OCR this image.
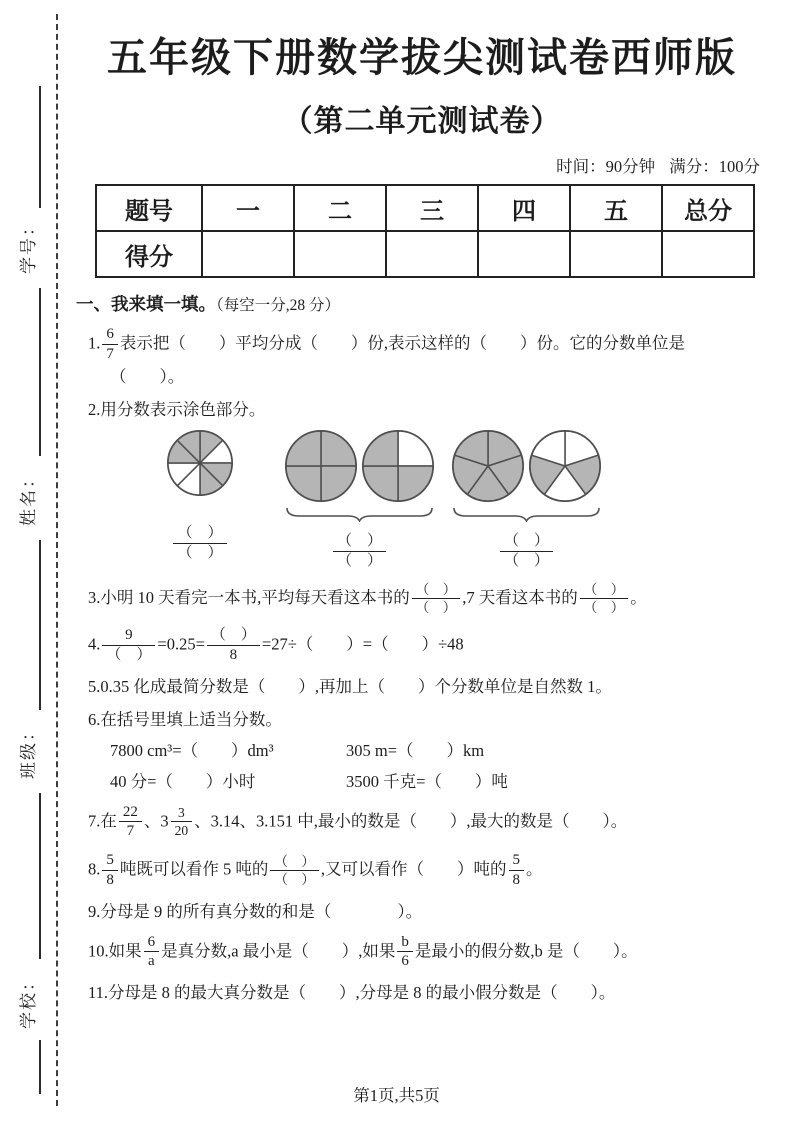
学号：
姓名：
班级：
学校：
五年级下册数学拔尖测试卷西师版
（第二单元测试卷）
时间：90分钟 满分：100分
题号	一	二	三	四	五	总分
得分						
一、我来填一填。（每空一分,28 分）
1. $\frac{6}{7}$ 表示把（　　）平均分成（　　）份,表示这样的（　　）份。它的分数单位是
（　　）。
2.用分数表示涂色部分。
$\frac{( )}{( )}$	$\frac{( )}{( )}$	$\frac{( )}{( )}$
3.小明 10 天看完一本书,平均每天看这本书的 $\frac{( )}{( )} ,7$ 天看这本书的 $\frac{( )}{( )}$ 。
4. $\frac{9}{( )} =0.25= \frac{( )}{8} =27\div$（　　）=（　　）÷48
5.0.35 化成最简分数是（　　）,再加上（　　）个分数单位是自然数 1。
6.在括号里填上适当分数。
7800 cm³=（　　）dm³	305 m=（　　）km
40 分=（　　）小时	3500 千克=（　　）吨
7.在 $\frac{22}{7}$ 、$3 \frac{3}{20}$ 、3.14、3.151 中,最小的数是（　　）,最大的数是（　　）。
8. $\frac{5}{8}$ 吨既可以看作 5 吨的 $\frac{( )}{( )}$ ,又可以看作（　　）吨的 $\frac{5}{8}$ 。
9.分母是 9 的所有真分数的和是（　　　　）。
10.如果 $\frac{6}{a}$ 是真分数,a 最小是（　　）,如果 $\frac{b}{6}$ 是最小的假分数,b 是（　　）。
11.分母是 8 的最大真分数是（　　）,分母是 8 的最小假分数是（　　）。
第1页,共5页
